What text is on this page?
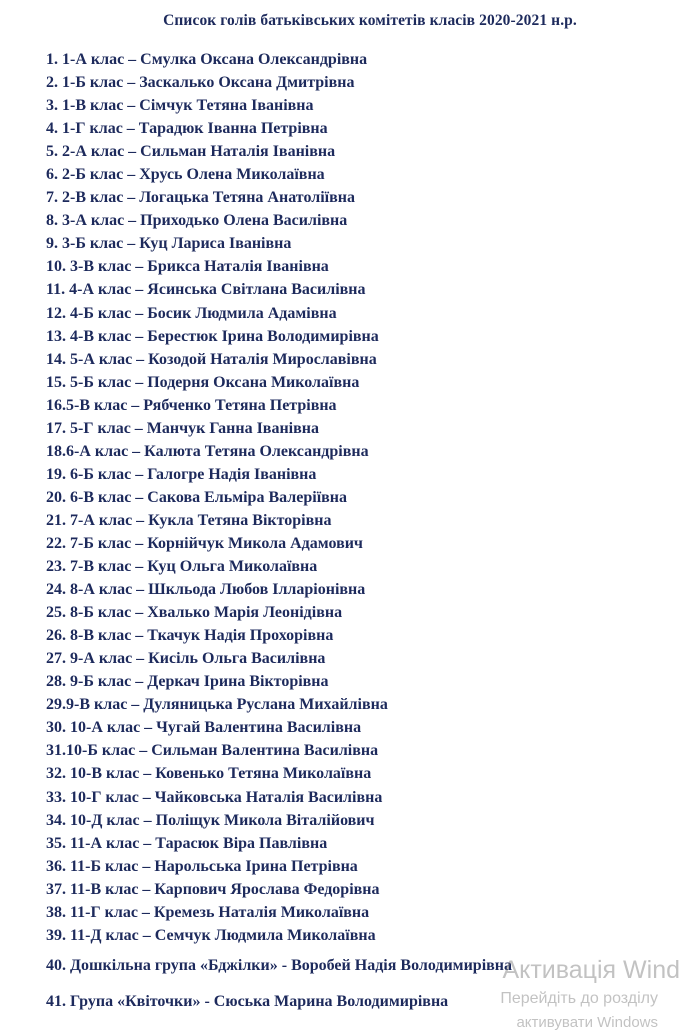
Список голів батьківських комітетів класів 2020-2021 н.р.
1. 1-А клас – Смулка Оксана Олександрівна
2. 1-Б клас – Заскалько Оксана Дмитрівна
3. 1-В клас – Сімчук Тетяна Іванівна
4. 1-Г клас – Тарадюк Іванна Петрівна
5. 2-А клас – Сильман Наталія Іванівна
6. 2-Б клас – Хрусь Олена Миколаївна
7. 2-В клас – Логацька Тетяна Анатоліївна
8. 3-А клас – Приходько Олена Василівна
9. 3-Б клас – Куц Лариса Іванівна
10. 3-В клас – Брикса Наталія Іванівна
11. 4-А клас – Ясинська Світлана Василівна
12. 4-Б клас – Босик Людмила Адамівна
13. 4-В клас – Берестюк Ірина Володимирівна
14. 5-А клас – Козодой Наталія Мирославівна
15. 5-Б клас – Подерня Оксана Миколаївна
16.5-В клас – Рябченко Тетяна Петрівна
17. 5-Г клас – Манчук Ганна Іванівна
18.6-А клас – Калюта Тетяна Олександрівна
19. 6-Б клас – Галогре Надія Іванівна
20. 6-В клас – Сакова Ельміра Валеріївна
21. 7-А клас – Кукла Тетяна Вікторівна
22. 7-Б клас – Корнійчук Микола Адамович
23. 7-В клас – Куц Ольга Миколаївна
24. 8-А клас – Шкльода Любов Ілларіонівна
25. 8-Б клас – Хвалько Марія Леонідівна
26. 8-В клас – Ткачук Надія Прохорівна
27. 9-А клас – Кисіль Ольга Василівна
28. 9-Б клас – Деркач Ірина Вікторівна
29.9-В клас – Дуляницька Руслана Михайлівна
30. 10-А клас – Чугай Валентина Василівна
31.10-Б клас – Сильман Валентина Василівна
32. 10-В клас – Ковенько Тетяна Миколаївна
33. 10-Г клас – Чайковська Наталія Василівна
34. 10-Д клас – Поліщук Микола Віталійович
35. 11-А клас – Тарасюк Віра Павлівна
36. 11-Б клас – Нарольська Ірина Петрівна
37. 11-В клас – Карпович Ярослава Федорівна
38. 11-Г клас – Кремезь Наталія Миколаївна
39. 11-Д клас – Семчук Людмила Миколаївна
40. Дошкільна група «Бджілки» - Воробей Надія Володимирівна
41. Група «Квіточки» - Сюська Марина Володимирівна
Активація Wind
Перейдіть до розділу
активувати Windows
